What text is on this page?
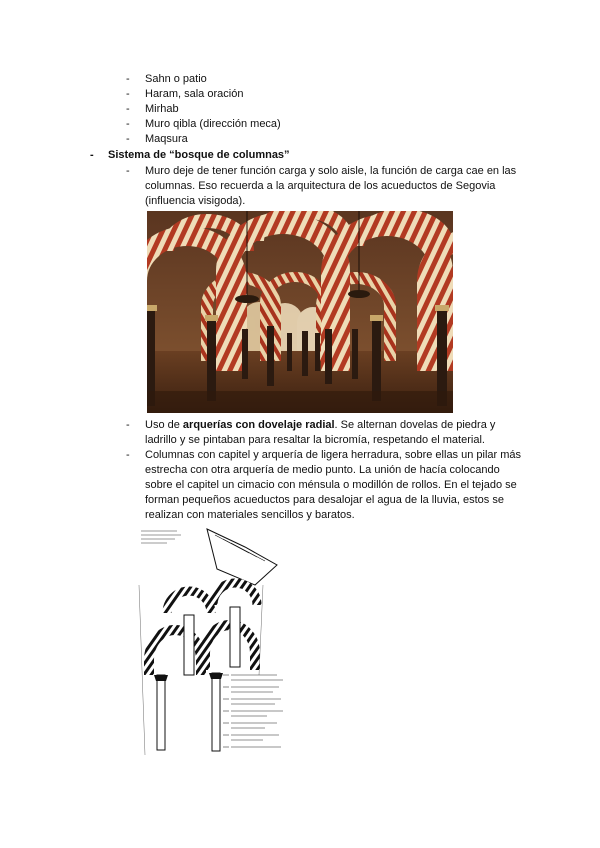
- Sahn o patio
- Haram, sala oración
- Mirhab
- Muro qibla (dirección meca)
- Maqsura
- Sistema de “bosque de columnas”
- Muro deje de tener función carga y solo aisle, la función de carga cae en las columnas. Eso recuerda a la arquitectura de los acueductos de Segovia (influencia visigoda).
- Uso de arquerías con dovelaje radial. Se alternan dovelas de piedra y ladrillo y se pintaban para resaltar la bicromía, respetando el material.
- Columnas con capitel y arquería de ligera herradura, sobre ellas un pilar más estrecha con otra arquería de medio punto. La unión de hacía colocando sobre el capitel un cimacio con ménsula o modillón de rollos. En el tejado se forman pequeños acueductos para desalojar el agua de la lluvia, estos se realizan con materiales sencillos y baratos.
